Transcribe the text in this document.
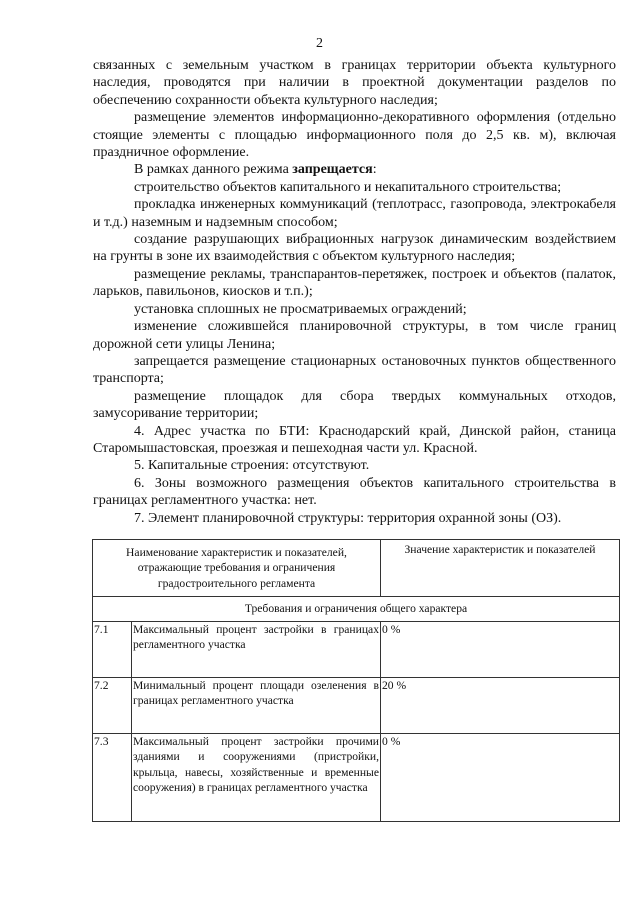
2

связанных с земельным участком в границах территории объекта культурного наследия, проводятся при наличии в проектной документации разделов по обеспечению сохранности объекта культурного наследия;

размещение элементов информационно-декоративного оформления (отдельно стоящие элементы с площадью информационного поля до 2,5 кв. м), включая праздничное оформление.

В рамках данного режима запрещается:

строительство объектов капитального и некапитального строительства;

прокладка инженерных коммуникаций (теплотрасс, газопровода, электрокабеля и т.д.) наземным и надземным способом;

создание разрушающих вибрационных нагрузок динамическим воздействием на грунты в зоне их взаимодействия с объектом культурного наследия;

размещение рекламы, транспарантов-перетяжек, построек и объектов (палаток, ларьков, павильонов, киосков и т.п.);

установка сплошных не просматриваемых ограждений;

изменение сложившейся планировочной структуры, в том числе границ дорожной сети улицы Ленина;

запрещается размещение стационарных остановочных пунктов общественного транспорта;

размещение площадок для сбора твердых коммунальных отходов, замусоривание территории;

4. Адрес участка по БТИ: Краснодарский край, Динской район, станица Старомышастовская, проезжая и пешеходная части ул. Красной.

5. Капитальные строения: отсутствуют.

6. Зоны возможного размещения объектов капитального строительства в границах регламентного участка: нет.

7. Элемент планировочной структуры: территория охранной зоны (ОЗ).

Наименование характеристик и показателей, отражающие требования и ограничения градостроительного регламента		Значение характеристик и показателей
Требования и ограничения общего характера		
7.1	Максимальный процент застройки в границах регламентного участка	0 %
7.2	Минимальный процент площади озеленения в границах регламентного участка	20 %
7.3	Максимальный процент застройки прочими зданиями и сооружениями (пристройки, крыльца, навесы, хозяйственные и временные сооружения) в границах регламентного участка	0 %
